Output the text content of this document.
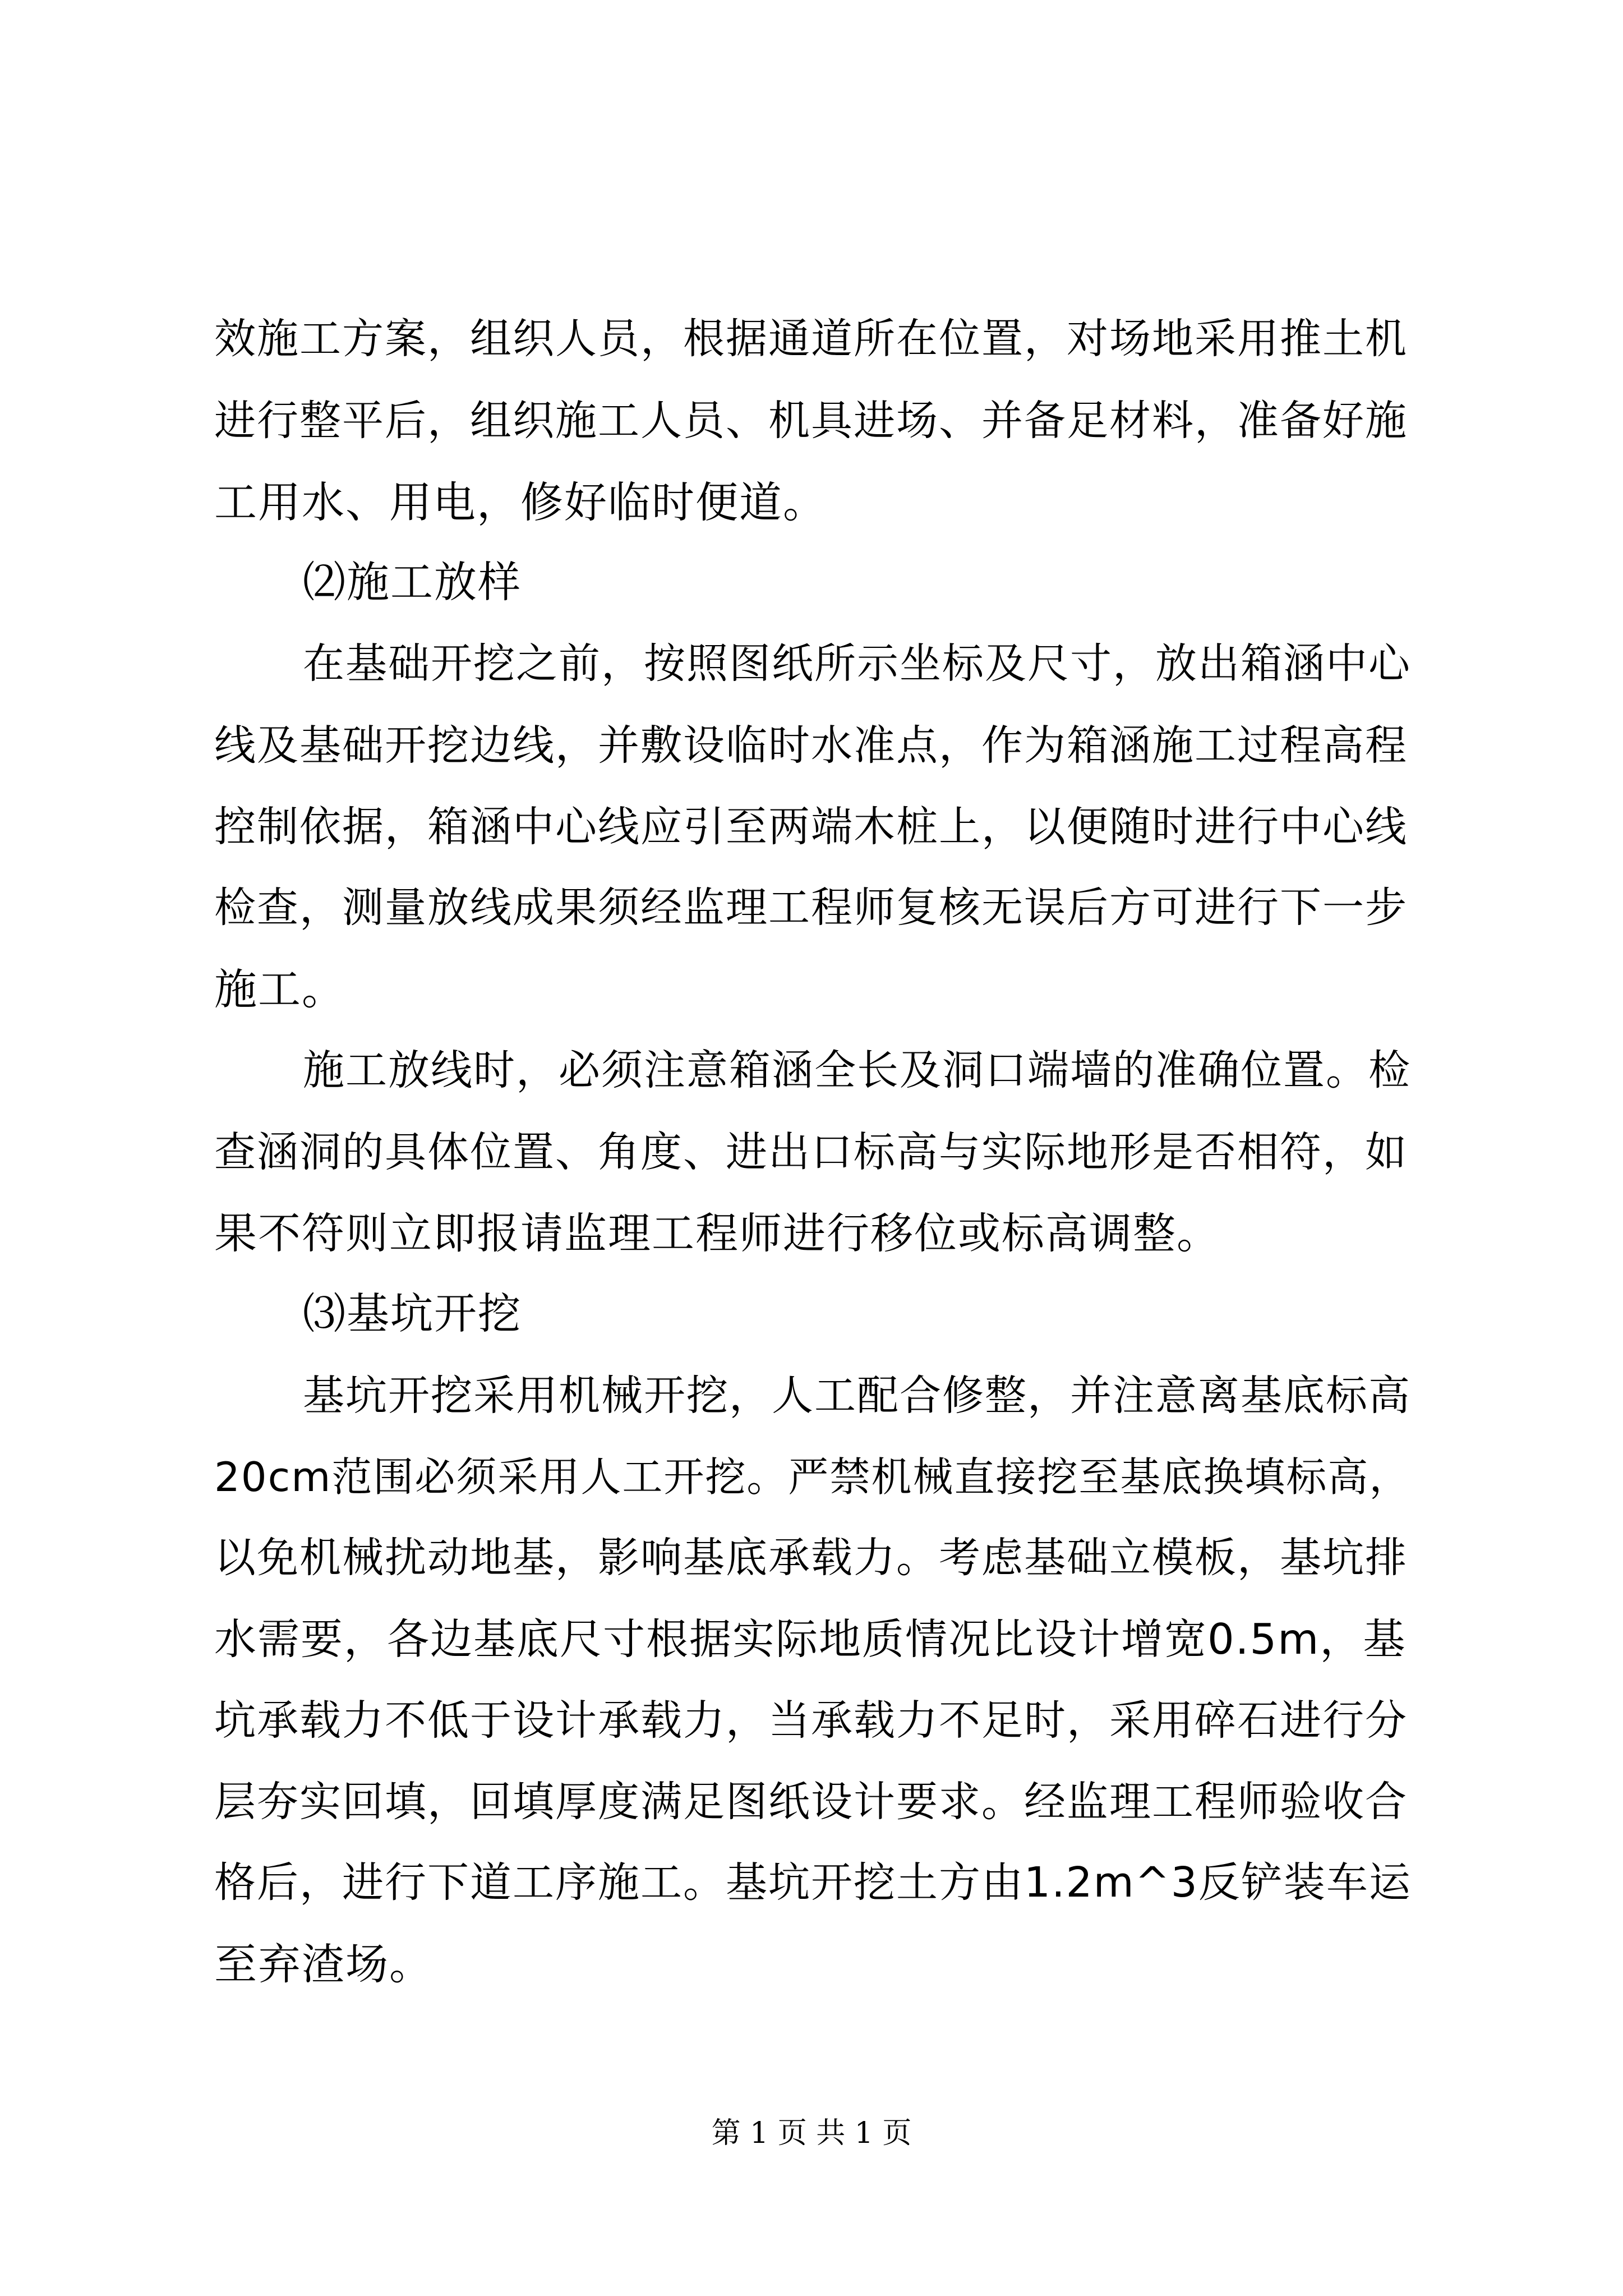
效施工方案，组织人员，根据通道所在位置，对场地采用推土机
进行整平后，组织施工人员、机具进场、并备足材料，准备好施
工用水、用电，修好临时便道。
⑵施工放样
在基础开挖之前，按照图纸所示坐标及尺寸，放出箱涵中心
线及基础开挖边线，并敷设临时水准点，作为箱涵施工过程高程
控制依据，箱涵中心线应引至两端木桩上，以便随时进行中心线
检查，测量放线成果须经监理工程师复核无误后方可进行下一步
施工。
施工放线时，必须注意箱涵全长及洞口端墙的准确位置。检
查涵洞的具体位置、角度、进出口标高与实际地形是否相符，如
果不符则立即报请监理工程师进行移位或标高调整。
⑶基坑开挖
基坑开挖采用机械开挖，人工配合修整，并注意离基底标高
20cm范围必须采用人工开挖。严禁机械直接挖至基底换填标高，
以免机械扰动地基，影响基底承载力。考虑基础立模板，基坑排
水需要，各边基底尺寸根据实际地质情况比设计增宽0.5m，基
坑承载力不低于设计承载力，当承载力不足时，采用碎石进行分
层夯实回填，回填厚度满足图纸设计要求。经监理工程师验收合
格后，进行下道工序施工。基坑开挖土方由1.2m^3反铲装车运
至弃渣场。
第 1 页 共 1 页
